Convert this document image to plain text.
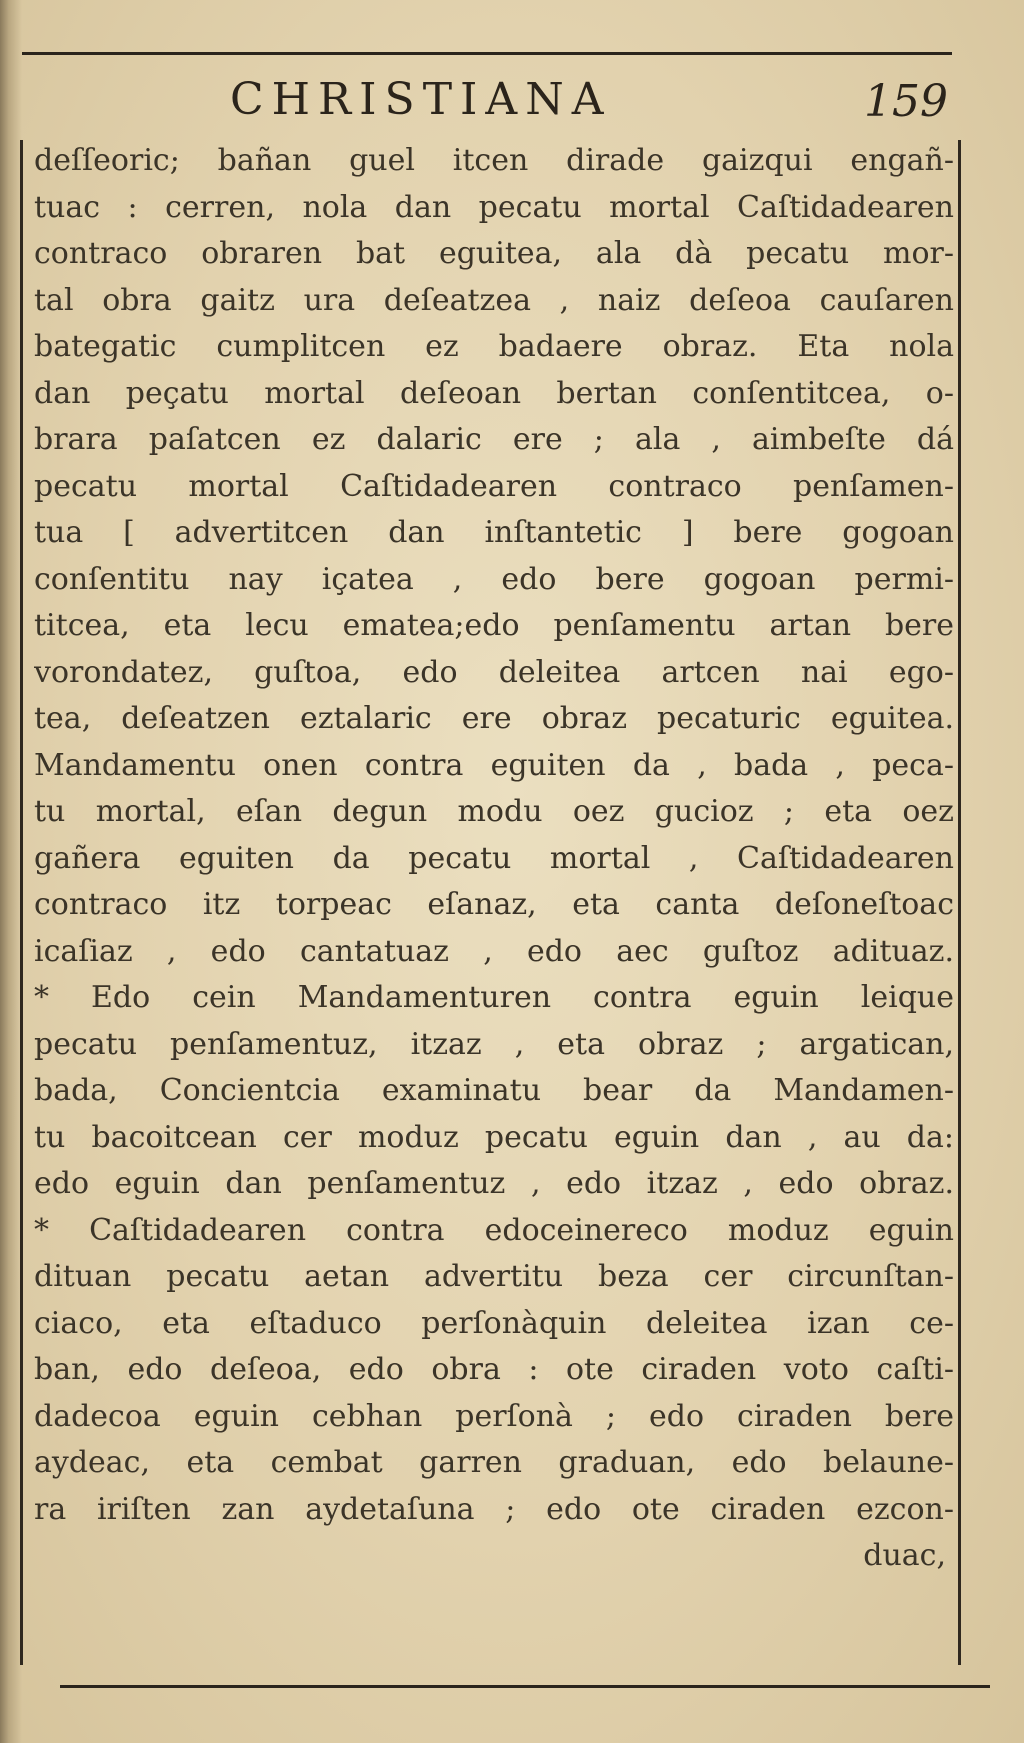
CHRISTIANA	159
deſſeoric; bañan guel itcen dirade gaizqui engañ-
tuac : cerren, nola dan pecatu mortal Caſtidadearen
contraco obraren bat eguitea, ala dà pecatu mor-
tal obra gaitz ura deſeatzea , naiz deſeoa cauſaren
bategatic cumplitcen ez badaere obraz. Eta nola
dan peçatu mortal deſeoan bertan conſentitcea, o-
brara paſatcen ez dalaric ere ; ala , aimbeſte dá
pecatu mortal Caſtidadearen contraco penſamen-
tua [ advertitcen dan inſtantetic ] bere gogoan
conſentitu nay içatea , edo bere gogoan permi-
titcea, eta lecu ematea;edo penſamentu artan bere
vorondatez, guſtoa, edo deleitea artcen nai ego-
tea, deſeatzen eztalaric ere obraz pecaturic eguitea.
Mandamentu onen contra eguiten da , bada , peca-
tu mortal, eſan degun modu oez gucioz ; eta oez
gañera eguiten da pecatu mortal , Caſtidadearen
contraco itz torpeac eſanaz, eta canta deſoneſtoac
icaſiaz , edo cantatuaz , edo aec guſtoz adituaz.
* Edo cein Mandamenturen contra eguin leique
pecatu penſamentuz, itzaz , eta obraz ; argatican,
bada, Concientcia examinatu bear da Mandamen-
tu bacoitcean cer moduz pecatu eguin dan , au da:
edo eguin dan penſamentuz , edo itzaz , edo obraz.
* Caſtidadearen contra edoceinereco moduz eguin
dituan pecatu aetan advertitu beza cer circunſtan-
ciaco, eta eſtaduco perſonàquin deleitea izan ce-
ban, edo deſeoa, edo obra : ote ciraden voto caſti-
dadecoa eguin cebhan perſonà ; edo ciraden bere
aydeac, eta cembat garren graduan, edo belaune-
ra iriſten zan aydetaſuna ; edo ote ciraden ezcon-
duac,
